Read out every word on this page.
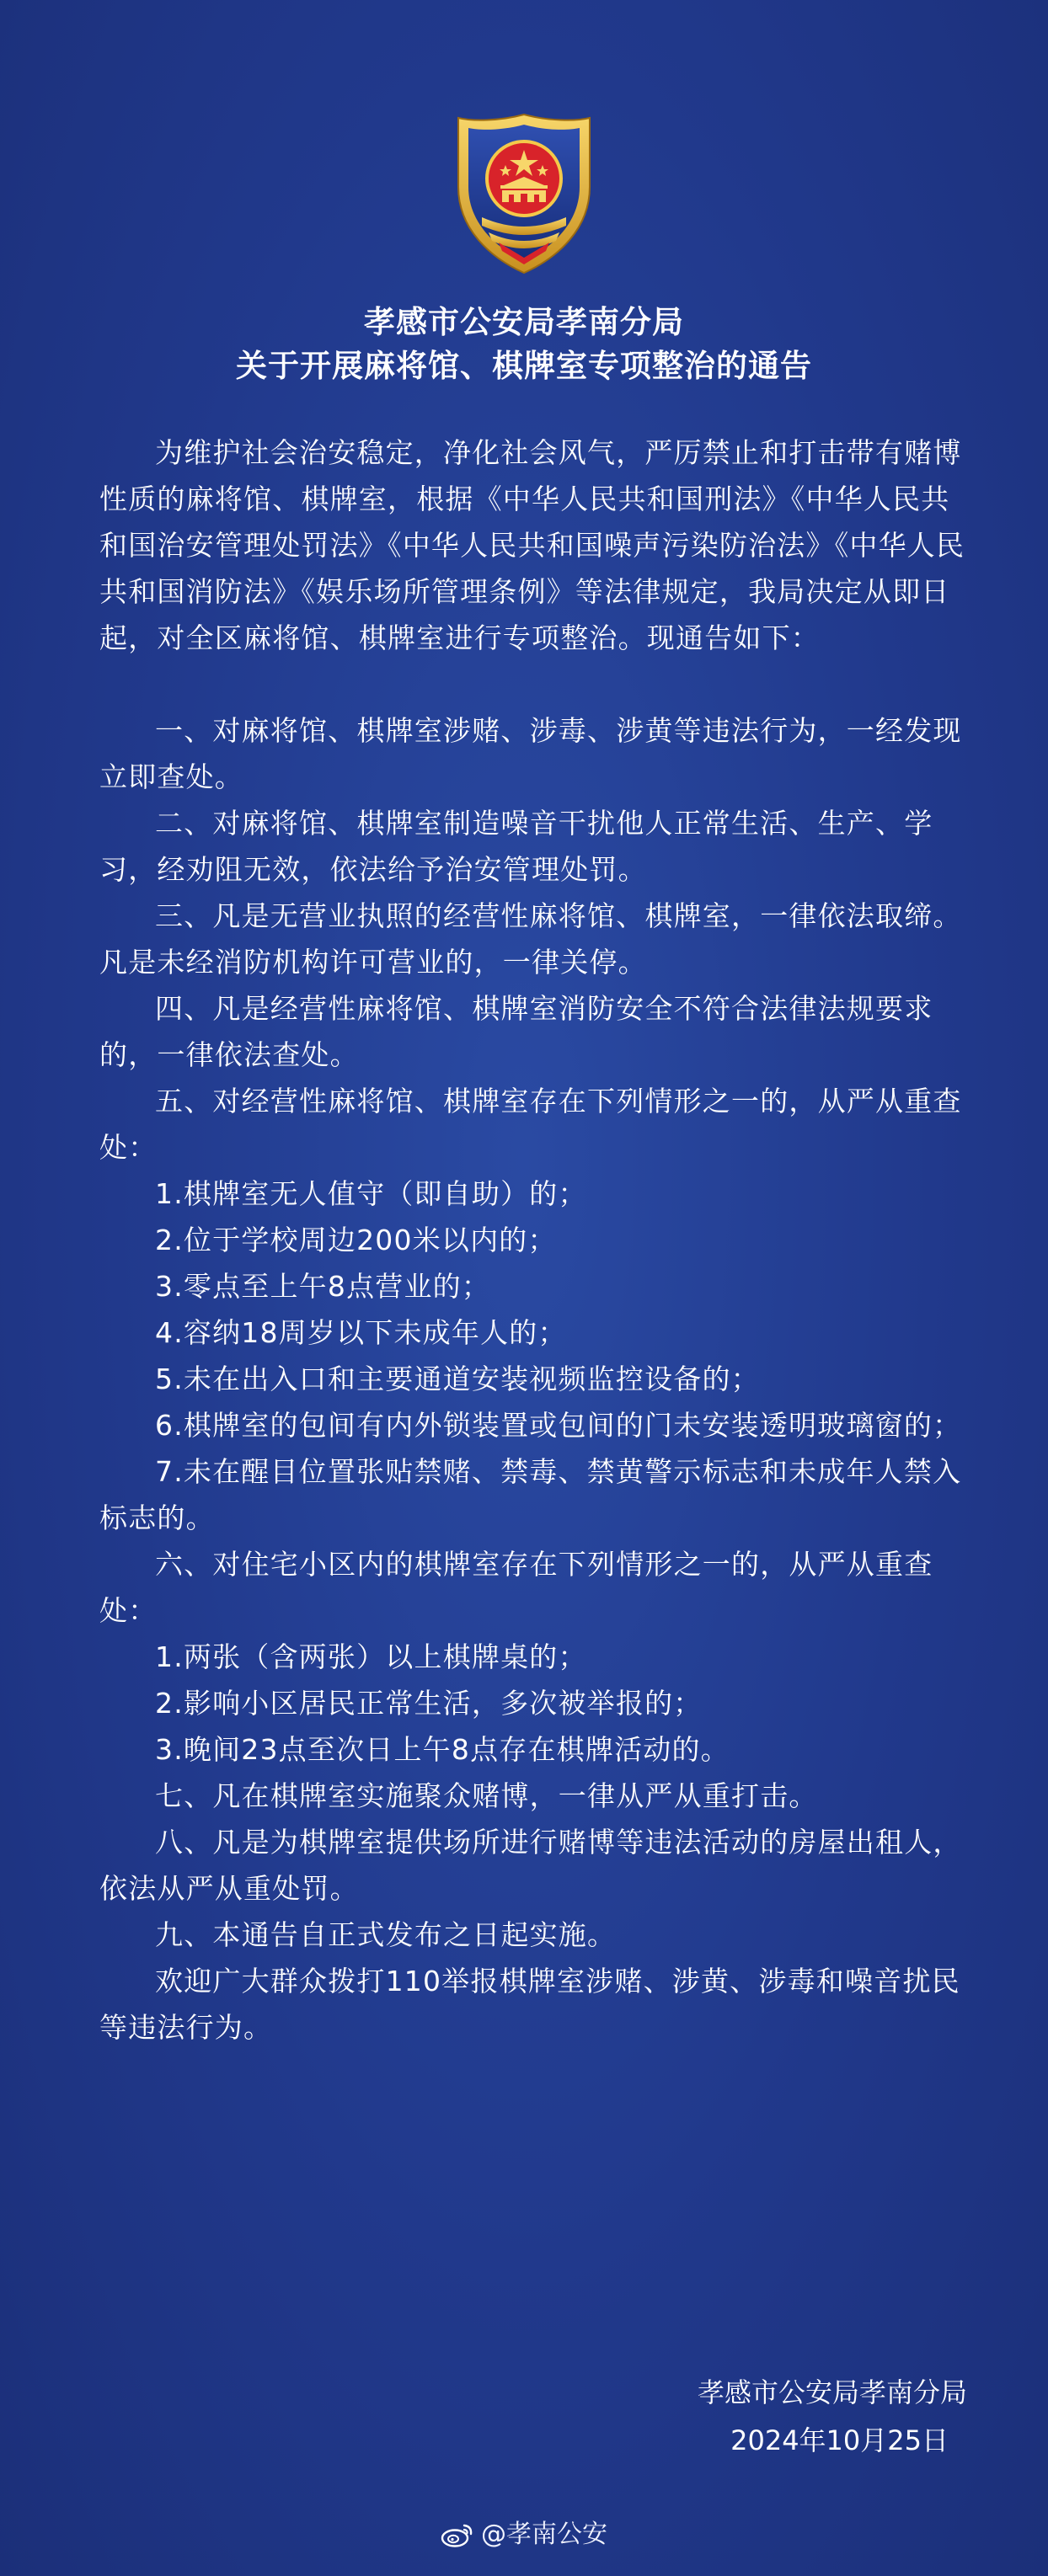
孝感市公安局孝南分局
关于开展麻将馆、棋牌室专项整治的通告

为维护社会治安稳定，净化社会风气，严厉禁止和打击带有赌博性质的麻将馆、棋牌室，根据《中华人民共和国刑法》《中华人民共和国治安管理处罚法》《中华人民共和国噪声污染防治法》《中华人民共和国消防法》《娱乐场所管理条例》等法律规定，我局决定从即日起，对全区麻将馆、棋牌室进行专项整治。现通告如下：

一、对麻将馆、棋牌室涉赌、涉毒、涉黄等违法行为，一经发现立即查处。

二、对麻将馆、棋牌室制造噪音干扰他人正常生活、生产、学习，经劝阻无效，依法给予治安管理处罚。

三、凡是无营业执照的经营性麻将馆、棋牌室，一律依法取缔。凡是未经消防机构许可营业的，一律关停。

四、凡是经营性麻将馆、棋牌室消防安全不符合法律法规要求的，一律依法查处。

五、对经营性麻将馆、棋牌室存在下列情形之一的，从严从重查处：

1.棋牌室无人值守（即自助）的；

2.位于学校周边200米以内的；

3.零点至上午8点营业的；

4.容纳18周岁以下未成年人的；

5.未在出入口和主要通道安装视频监控设备的；

6.棋牌室的包间有内外锁装置或包间的门未安装透明玻璃窗的；

7.未在醒目位置张贴禁赌、禁毒、禁黄警示标志和未成年人禁入标志的。

六、对住宅小区内的棋牌室存在下列情形之一的，从严从重查处：

1.两张（含两张）以上棋牌桌的；

2.影响小区居民正常生活，多次被举报的；

3.晚间23点至次日上午8点存在棋牌活动的。

七、凡在棋牌室实施聚众赌博，一律从严从重打击。

八、凡是为棋牌室提供场所进行赌博等违法活动的房屋出租人，依法从严从重处罚。

九、本通告自正式发布之日起实施。

欢迎广大群众拨打110举报棋牌室涉赌、涉黄、涉毒和噪音扰民等违法行为。

孝感市公安局孝南分局
2024年10月25日
@孝南公安
